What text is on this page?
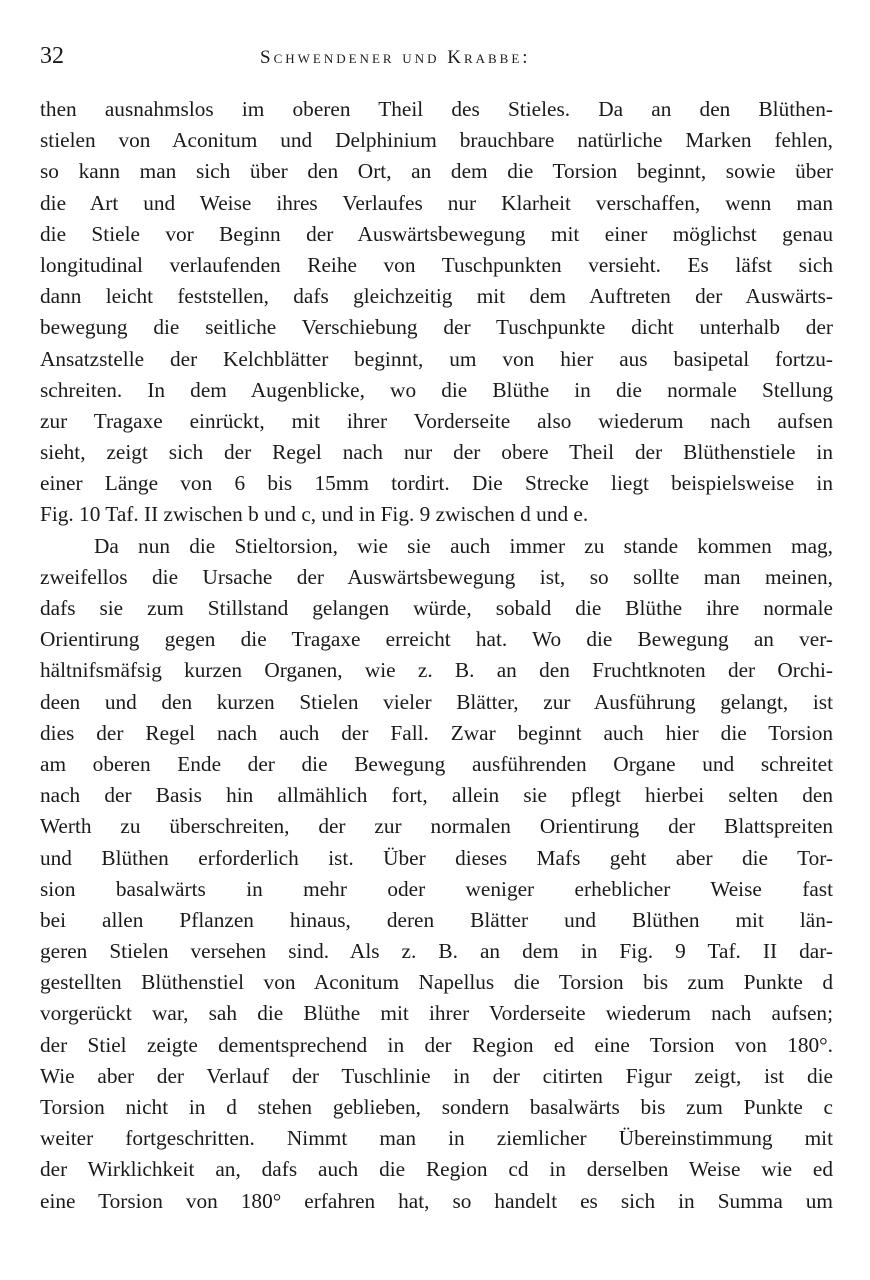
32	Schwendener und Krabbe:
then ausnahmslos im oberen Theil des Stieles. Da an den Blüthen-
stielen von Aconitum und Delphinium brauchbare natürliche Marken fehlen,
so kann man sich über den Ort, an dem die Torsion beginnt, sowie über
die Art und Weise ihres Verlaufes nur Klarheit verschaffen, wenn man
die Stiele vor Beginn der Auswärtsbewegung mit einer möglichst genau
longitudinal verlaufenden Reihe von Tuschpunkten versieht. Es läfst sich
dann leicht feststellen, dafs gleichzeitig mit dem Auftreten der Auswärts-
bewegung die seitliche Verschiebung der Tuschpunkte dicht unterhalb der
Ansatzstelle der Kelchblätter beginnt, um von hier aus basipetal fortzu-
schreiten. In dem Augenblicke, wo die Blüthe in die normale Stellung
zur Tragaxe einrückt, mit ihrer Vorderseite also wiederum nach aufsen
sieht, zeigt sich der Regel nach nur der obere Theil der Blüthenstiele in
einer Länge von 6 bis 15mm tordirt. Die Strecke liegt beispielsweise in
Fig. 10 Taf. II zwischen b und c, und in Fig. 9 zwischen d und e.
Da nun die Stieltorsion, wie sie auch immer zu stande kommen mag,
zweifellos die Ursache der Auswärtsbewegung ist, so sollte man meinen,
dafs sie zum Stillstand gelangen würde, sobald die Blüthe ihre normale
Orientirung gegen die Tragaxe erreicht hat. Wo die Bewegung an ver-
hältnifsmäfsig kurzen Organen, wie z. B. an den Fruchtknoten der Orchi-
deen und den kurzen Stielen vieler Blätter, zur Ausführung gelangt, ist
dies der Regel nach auch der Fall. Zwar beginnt auch hier die Torsion
am oberen Ende der die Bewegung ausführenden Organe und schreitet
nach der Basis hin allmählich fort, allein sie pflegt hierbei selten den
Werth zu überschreiten, der zur normalen Orientirung der Blattspreiten
und Blüthen erforderlich ist. Über dieses Mafs geht aber die Tor-
sion basalwärts in mehr oder weniger erheblicher Weise fast
bei allen Pflanzen hinaus, deren Blätter und Blüthen mit län-
geren Stielen versehen sind. Als z. B. an dem in Fig. 9 Taf. II dar-
gestellten Blüthenstiel von Aconitum Napellus die Torsion bis zum Punkte d
vorgerückt war, sah die Blüthe mit ihrer Vorderseite wiederum nach aufsen;
der Stiel zeigte dementsprechend in der Region ed eine Torsion von 180°.
Wie aber der Verlauf der Tuschlinie in der citirten Figur zeigt, ist die
Torsion nicht in d stehen geblieben, sondern basalwärts bis zum Punkte c
weiter fortgeschritten. Nimmt man in ziemlicher Übereinstimmung mit
der Wirklichkeit an, dafs auch die Region cd in derselben Weise wie ed
eine Torsion von 180° erfahren hat, so handelt es sich in Summa um
